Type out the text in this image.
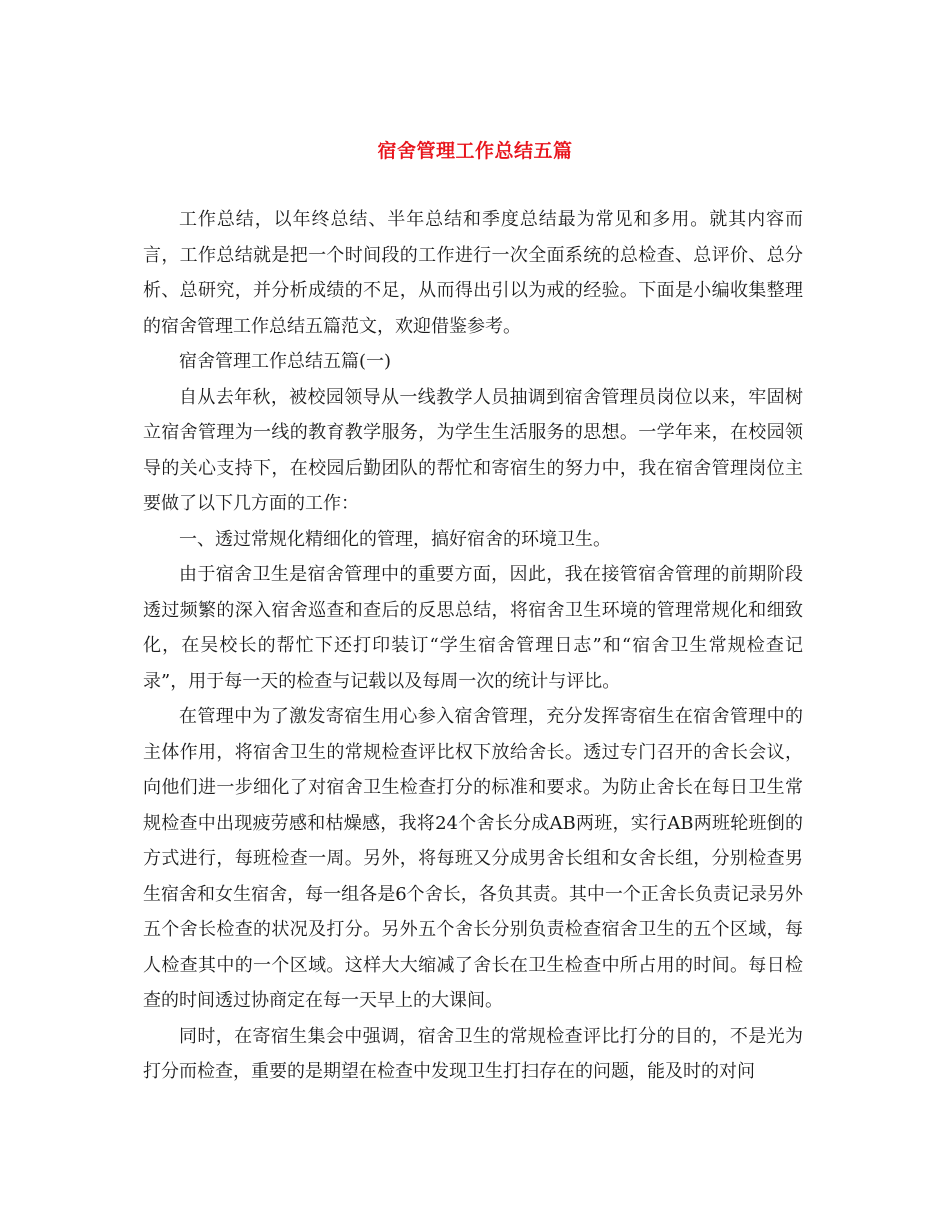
宿舍管理工作总结五篇

工作总结，以年终总结、半年总结和季度总结最为常见和多用。就其内容而言，工作总结就是把一个时间段的工作进行一次全面系统的总检查、总评价、总分析、总研究，并分析成绩的不足，从而得出引以为戒的经验。下面是小编收集整理的宿舍管理工作总结五篇范文，欢迎借鉴参考。

宿舍管理工作总结五篇(一)

自从去年秋，被校园领导从一线教学人员抽调到宿舍管理员岗位以来，牢固树立宿舍管理为一线的教育教学服务，为学生生活服务的思想。一学年来，在校园领导的关心支持下，在校园后勤团队的帮忙和寄宿生的努力中，我在宿舍管理岗位主要做了以下几方面的工作：

一、透过常规化精细化的管理，搞好宿舍的环境卫生。

由于宿舍卫生是宿舍管理中的重要方面，因此，我在接管宿舍管理的前期阶段透过频繁的深入宿舍巡查和查后的反思总结，将宿舍卫生环境的管理常规化和细致化，在吴校长的帮忙下还打印装订“学生宿舍管理日志”和“宿舍卫生常规检查记录”，用于每一天的检查与记载以及每周一次的统计与评比。

在管理中为了激发寄宿生用心参入宿舍管理，充分发挥寄宿生在宿舍管理中的主体作用，将宿舍卫生的常规检查评比权下放给舍长。透过专门召开的舍长会议，向他们进一步细化了对宿舍卫生检查打分的标准和要求。为防止舍长在每日卫生常规检查中出现疲劳感和枯燥感，我将24个舍长分成AB两班，实行AB两班轮班倒的方式进行，每班检查一周。另外，将每班又分成男舍长组和女舍长组，分别检查男生宿舍和女生宿舍，每一组各是6个舍长，各负其责。其中一个正舍长负责记录另外五个舍长检查的状况及打分。另外五个舍长分别负责检查宿舍卫生的五个区域，每人检查其中的一个区域。这样大大缩减了舍长在卫生检查中所占用的时间。每日检查的时间透过协商定在每一天早上的大课间。

同时，在寄宿生集会中强调，宿舍卫生的常规检查评比打分的目的，不是光为打分而检查，重要的是期望在检查中发现卫生打扫存在的问题，能及时的对问
